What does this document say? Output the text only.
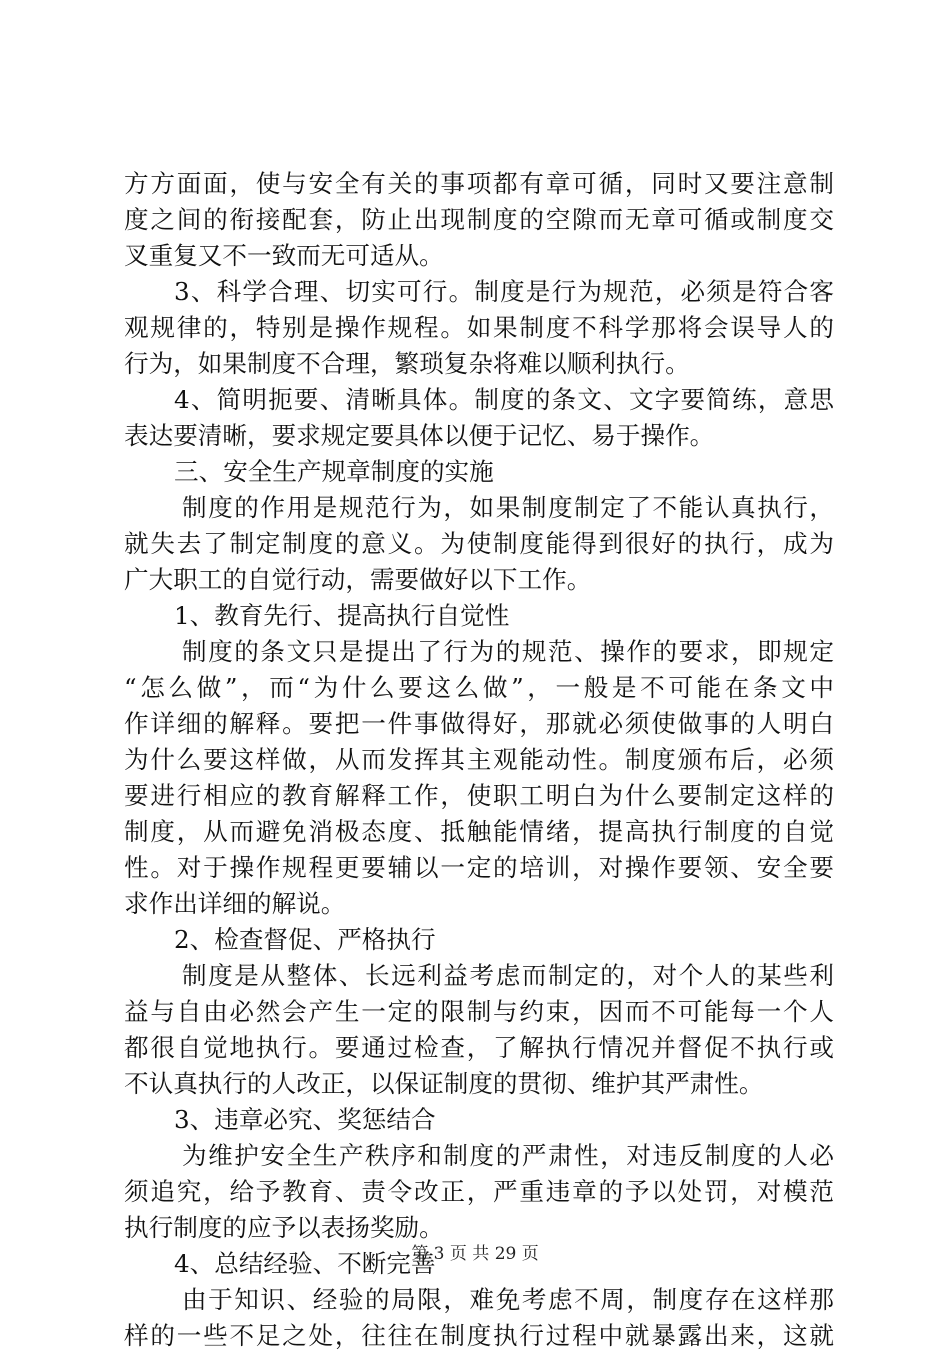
方方面面，使与安全有关的事项都有章可循，同时又要注意制
度之间的衔接配套，防止出现制度的空隙而无章可循或制度交
叉重复又不一致而无可适从。
3、科学合理、切实可行。制度是行为规范，必须是符合客
观规律的，特别是操作规程。如果制度不科学那将会误导人的
行为，如果制度不合理，繁琐复杂将难以顺利执行。
4、简明扼要、清晰具体。制度的条文、文字要简练，意思
表达要清晰，要求规定要具体以便于记忆、易于操作。
三、安全生产规章制度的实施
制度的作用是规范行为，如果制度制定了不能认真执行，
就失去了制定制度的意义。为使制度能得到很好的执行，成为
广大职工的自觉行动，需要做好以下工作。
1、教育先行、提高执行自觉性
制度的条文只是提出了行为的规范、操作的要求，即规定
“怎么做”，而“为什么要这么做”，一般是不可能在条文中
作详细的解释。要把一件事做得好，那就必须使做事的人明白
为什么要这样做，从而发挥其主观能动性。制度颁布后，必须
要进行相应的教育解释工作，使职工明白为什么要制定这样的
制度，从而避免消极态度、抵触能情绪，提高执行制度的自觉
性。对于操作规程更要辅以一定的培训，对操作要领、安全要
求作出详细的解说。
2、检查督促、严格执行
制度是从整体、长远利益考虑而制定的，对个人的某些利
益与自由必然会产生一定的限制与约束，因而不可能每一个人
都很自觉地执行。要通过检查，了解执行情况并督促不执行或
不认真执行的人改正，以保证制度的贯彻、维护其严肃性。
3、违章必究、奖惩结合
为维护安全生产秩序和制度的严肃性，对违反制度的人必
须追究，给予教育、责令改正，严重违章的予以处罚，对模范
执行制度的应予以表扬奖励。
4、总结经验、不断完善
由于知识、经验的局限，难免考虑不周，制度存在这样那
样的一些不足之处，往往在制度执行过程中就暴露出来，这就
第 3 页 共 29 页
